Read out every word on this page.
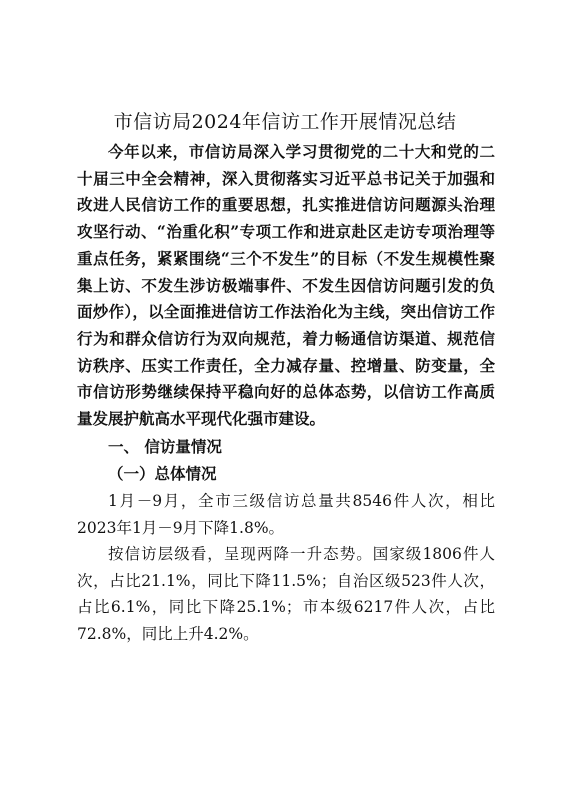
市信访局2024年信访工作开展情况总结
今年以来，市信访局深入学习贯彻党的二十大和党的二十届三中全会精神，深入贯彻落实习近平总书记关于加强和改进人民信访工作的重要思想，扎实推进信访问题源头治理攻坚行动、“治重化积”专项工作和进京赴区走访专项治理等重点任务，紧紧围绕“三个不发生”的目标（不发生规模性聚集上访、不发生涉访极端事件、不发生因信访问题引发的负面炒作），以全面推进信访工作法治化为主线，突出信访工作行为和群众信访行为双向规范，着力畅通信访渠道、规范信访秩序、压实工作责任，全力减存量、控增量、防变量，全市信访形势继续保持平稳向好的总体态势，以信访工作高质量发展护航高水平现代化强市建设。
一、 信访量情况
（一）总体情况
1月－9月，全市三级信访总量共8546件人次，相比2023年1月－9月下降1.8%。
按信访层级看，呈现两降一升态势。国家级1806件人次，占比21.1%，同比下降11.5%；自治区级523件人次，占比6.1%，同比下降25.1%；市本级6217件人次，占比72.8%，同比上升4.2%。
